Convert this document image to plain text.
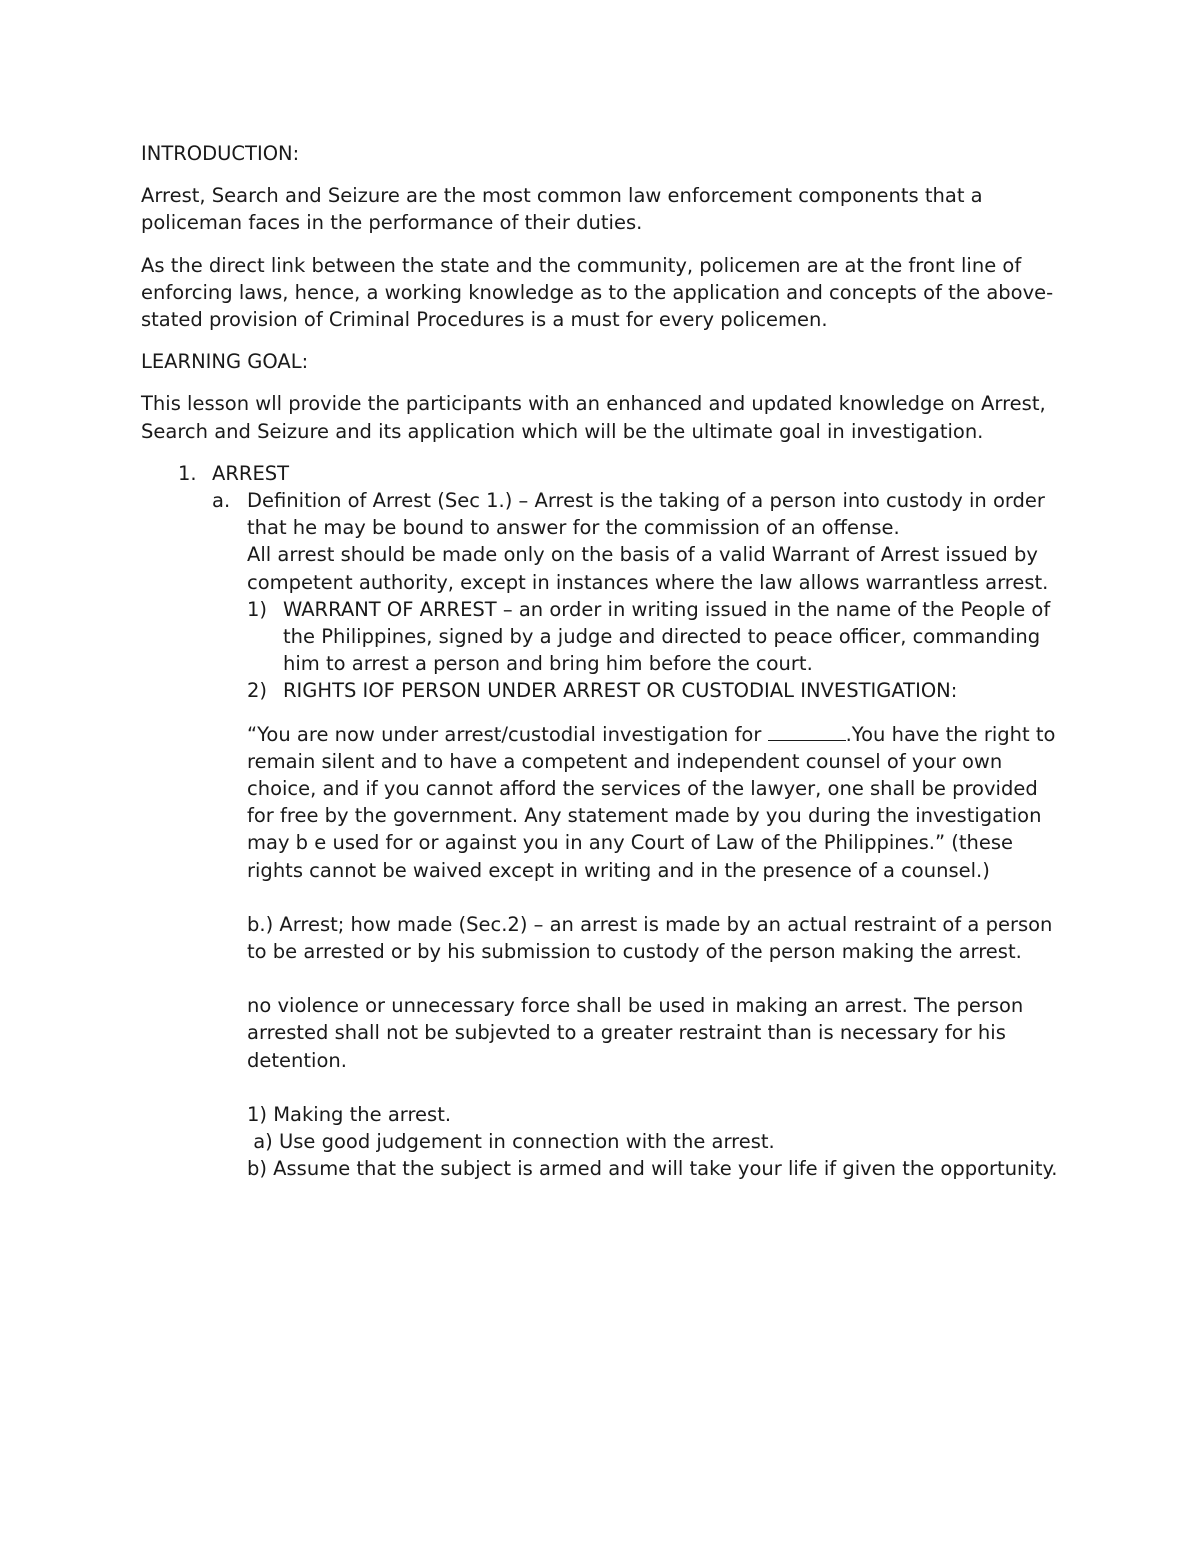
INTRODUCTION:

Arrest, Search and Seizure are the most common law enforcement components that a policeman faces in the performance of their duties.

As the direct link between the state and the community, policemen are at the front line of enforcing laws, hence, a working knowledge as to the application and concepts of the above-stated provision of Criminal Procedures is a must for every policemen.

LEARNING GOAL:

This lesson wll provide the participants with an enhanced and updated knowledge on Arrest, Search and Seizure and its application which will be the ultimate goal in investigation.

1. ARREST
a. Definition of Arrest (Sec 1.) – Arrest is the taking of a person into custody in order that he may be bound to answer for the commission of an offense.

All arrest should be made only on the basis of a valid Warrant of Arrest issued by competent authority, except in instances where the law allows warrantless arrest.

1) WARRANT OF ARREST – an order in writing issued in the name of the People of the Philippines, signed by a judge and directed to peace officer, commanding him to arrest a person and bring him before the court.

2) RIGHTS IOF PERSON UNDER ARREST OR CUSTODIAL INVESTIGATION:

“You are now under arrest/custodial investigation for	.You have the right to remain silent and to have a competent and independent counsel of your own choice, and if you cannot afford the services of the lawyer, one shall be provided for free by the government. Any statement made by you during the investigation may b e used for or against you in any Court of Law of the Philippines.” (these rights cannot be waived except in writing and in the presence of a counsel.)

b.) Arrest; how made (Sec.2) – an arrest is made by an actual restraint of a person to be arrested or by his submission to custody of the person making the arrest.

no violence or unnecessary force shall be used in making an arrest. The person arrested shall not be subjevted to a greater restraint than is necessary for his detention.

1) Making the arrest.

a) Use good judgement in connection with the arrest.

b) Assume that the subject is armed and will take your life if given the opportunity.
